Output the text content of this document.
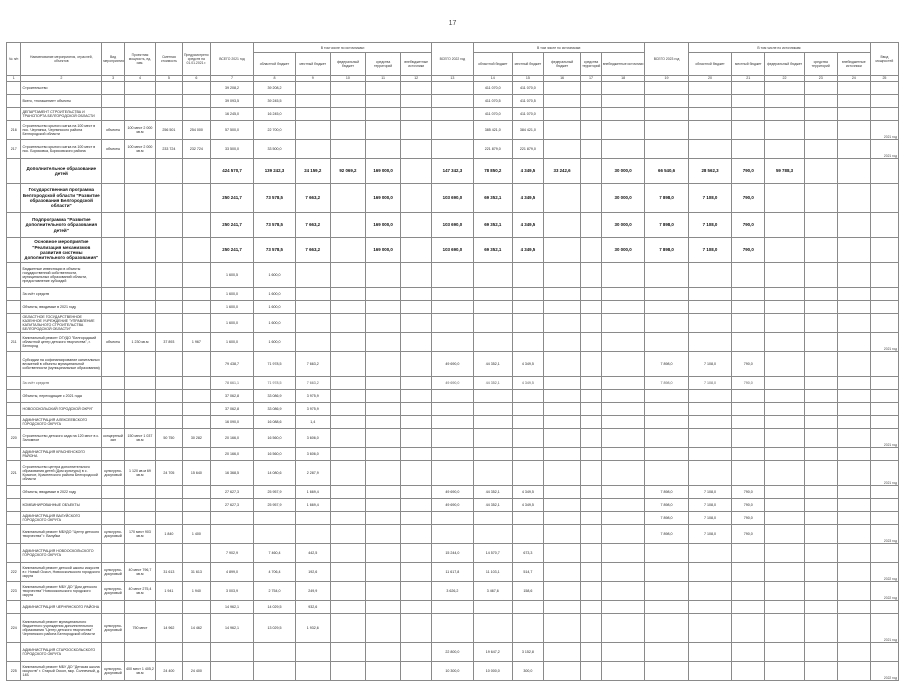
17
№ п/п	Наименование мероприятия, отраслей, объектов	Вид мероприятия	Проектная мощность, ед. изм.	Сметная стоимость	Предусмотрено средств на 01.01.2021 г.	ВСЕГО 2021 год	В том числе по источникам:					ВСЕГО 2022 год	В том числе по источникам:					ВСЕГО 2023 год	В том числе по источникам:					Ввод мощностей
							областной бюджет	местный бюджет	федеральный бюджет	средства территорий	внебюджетные источники		областной бюджет	местный бюджет	федеральный бюджет	средства территорий	внебюджетные источники		областной бюджет	местный бюджет	федеральный бюджет	средства территорий	внебюджетные источники	
1	2	3	4	5	6	7	8	9	10	11	12	13	14	15	16	17	18	19	20	21	22	23	24	25
	Строительство					39 208,2	39 208,2						411 070,0	411 070,0										
	Всего, «погашение» объекты					39 093,5	39 245,5						411 070,5	411 070,5										
	ДЕПАРТАМЕНТ СТРОИТЕЛЬСТВА И ТРАНСПОРТА БЕЛГОРОДСКОЙ ОБЛАСТИ					16 245,0	16 245,0						411 070,0	411 070,0										
216	Строительство крытого катка на 100 мест в пос. Чернянка, Чернянского района Белгородской области	объекты	100 мест 2 000 кв.м	256 501	254 000	57 500,0	22 700,0						385 421,0	384 421,0										2021 год
217	Строительство крытого катка на 100 мест в пос. Борисовка, Борисовского района	объекты	100 мест 2 000 кв.м	233 724	232 724	33 500,0	33 500,0						221 879,0	221 879,0										2021 год
	Дополнительное образование детей					424 570,7	139 242,3	24 159,2	92 069,2	169 000,0		147 342,3	78 850,2	4 349,5	33 242,6		30 000,0	66 540,6	28 562,3	790,0	59 788,3			
	Государственная программа Белгородской области "Развитие образования Белгородской области"					250 241,7	73 578,5	7 663,2		169 000,0		103 690,0	69 352,1	4 349,5			30 000,0	7 898,0	7 108,0	790,0				
	Подпрограмма "Развитие дополнительного образования детей"					250 241,7	73 578,5	7 663,2		169 000,0		103 690,0	69 352,1	4 349,5			30 000,0	7 898,0	7 108,0	790,0				
	Основное мероприятие "Реализация механизмов развития системы дополнительного образования"					250 241,7	73 578,5	7 663,2		169 000,0		103 690,0	69 352,1	4 349,5			30 000,0	7 898,0	7 108,0	790,0				
	Бюджетные инвестиции в объекты государственной собственности, муниципальных образований области, предоставление субсидий					1 600,5	1 600,0																	
	За счёт средств					1 600,0	1 600,0																	
	Объекты, вводимые в 2021 году					1 600,0	1 600,0																	
	ОБЛАСТНОЕ ГОСУДАРСТВЕННОЕ КАЗЕННОЕ УЧРЕЖДЕНИЕ "УПРАВЛЕНИЕ КАПИТАЛЬНОГО СТРОИТЕЛЬСТВА БЕЛГОРОДСКОЙ ОБЛАСТИ"					1 600,0	1 600,0																	
211	Капитальный ремонт ОГУДО "Белгородский областной центр детского творчества", г. Белгород	объекты	1 230 кв.м	37 893	1 967	1 600,0	1 600,0																	2021 год
	Субсидии на софинансирование капитальных вложений в объекты муниципальной собственности (муниципальные образования)					79 438,7	71 978,5	7 663,2				49 690,0	44 352,1	4 349,5				7 898,0	7 108,0	790,0				
	За счёт средств					78 661,1	71 978,5	7 663,2				49 690,0	44 352,1	4 349,5				7 898,0	7 108,0	790,0				
	Объекты, переходящие с 2021 года					37 062,8	33 086,9	3 975,9																
	НОВООСКОЛЬСКИЙ ГОРОДСКОЙ ОКРУГ					37 062,8	33 086,9	3 975,9																
	АДМИНИСТРАЦИЯ АЛЕКСЕЕВСКОГО ГОРОДСКОГО ОКРУГА					16 090,0	16 088,6	1,4																
220	Строительство детского сада на 120 мест в с. Заломное	концертный зал	150 мест 1 037 кв.м	50 750	30 282	20 166,0	16 560,0	3 606,0																2021 год
	АДМИНИСТРАЦИЯ КРАСНЕНСКОГО РАЙОНА					20 166,0	16 560,0	3 606,0																
221	Строительство центра дополнительного образования детей (Дом культуры) в с. Красное, Красненского района Белгородской области	культурно-досуговый	1 120 кв.м 69 кв.м	24 705	15 640	16 368,5	14 080,6	2 287,9																2021 год
	Объекты, вводимые в 2022 году					27 627,3	25 957,9	1 669,4				49 690,0	44 352,1	4 349,5				7 898,0	7 108,0	790,0				
	КОМБИНИРОВАННЫЕ ОБЪЕКТЫ					27 627,3	25 957,9	1 669,4				49 690,0	44 352,1	4 349,5				7 898,0	7 108,0	790,0				
	АДМИНИСТРАЦИЯ ВАЛУЙСКОГО ГОРОДСКОГО ОКРУГА																	7 898,0	7 108,0	790,0				
	Капитальный ремонт МБУДО "Центр детского творчества" г. Валуйки	культурно-досуговый	170 мест 903 кв.м	1 840	1 400													7 898,0	7 108,0	790,0				2023 год
	АДМИНИСТРАЦИЯ НОВООСКОЛЬСКОГО ГОРОДСКОГО ОКРУГА					7 902,9	7 460,4	442,5				15 244,0	14 570,7	673,3										
222	Капитальный ремонт детской школы искусств в г. Новый Оскол, Новооскольского городского округа	культурно-досуговый	40 мест 796,7 кв.м	31 613	31 613	4 899,0	4 706,4	192,6				11 617,8	11 103,1	514,7										2022 год
223	Капитальный ремонт МБУ ДО "Дом детского творчества" Новооскольского городского округа	культурно-досуговый	40 мест 275,4 кв.м	1 941	1 940	3 003,9	2 754,0	249,9				3 626,2	3 467,6	158,6										2022 год
	АДМИНИСТРАЦИЯ ЧЕРНЯНСКОГО РАЙОНА					14 962,1	14 029,5	932,6																
224	Капитальный ремонт муниципального бюджетного учреждения дополнительного образования "Центр детского творчества" Чернянского района Белгородской области	культурно-досуговый	750 мест	14 962	14 462	14 962,1	13 029,5	1 932,6																2021 год
	АДМИНИСТРАЦИЯ СТАРООСКОЛЬСКОГО ГОРОДСКОГО ОКРУГА											22 800,0	19 647,2	3 152,8										
225	Капитальный ремонт МБУ ДО "Детская школа искусств" г. Старый Оскол, мкр. Солнечный, д. 14Б	культурно-досуговый	400 мест 1 405,2 кв.м	24 400	24 400							10 300,0	10 000,0	300,0										2022 год
